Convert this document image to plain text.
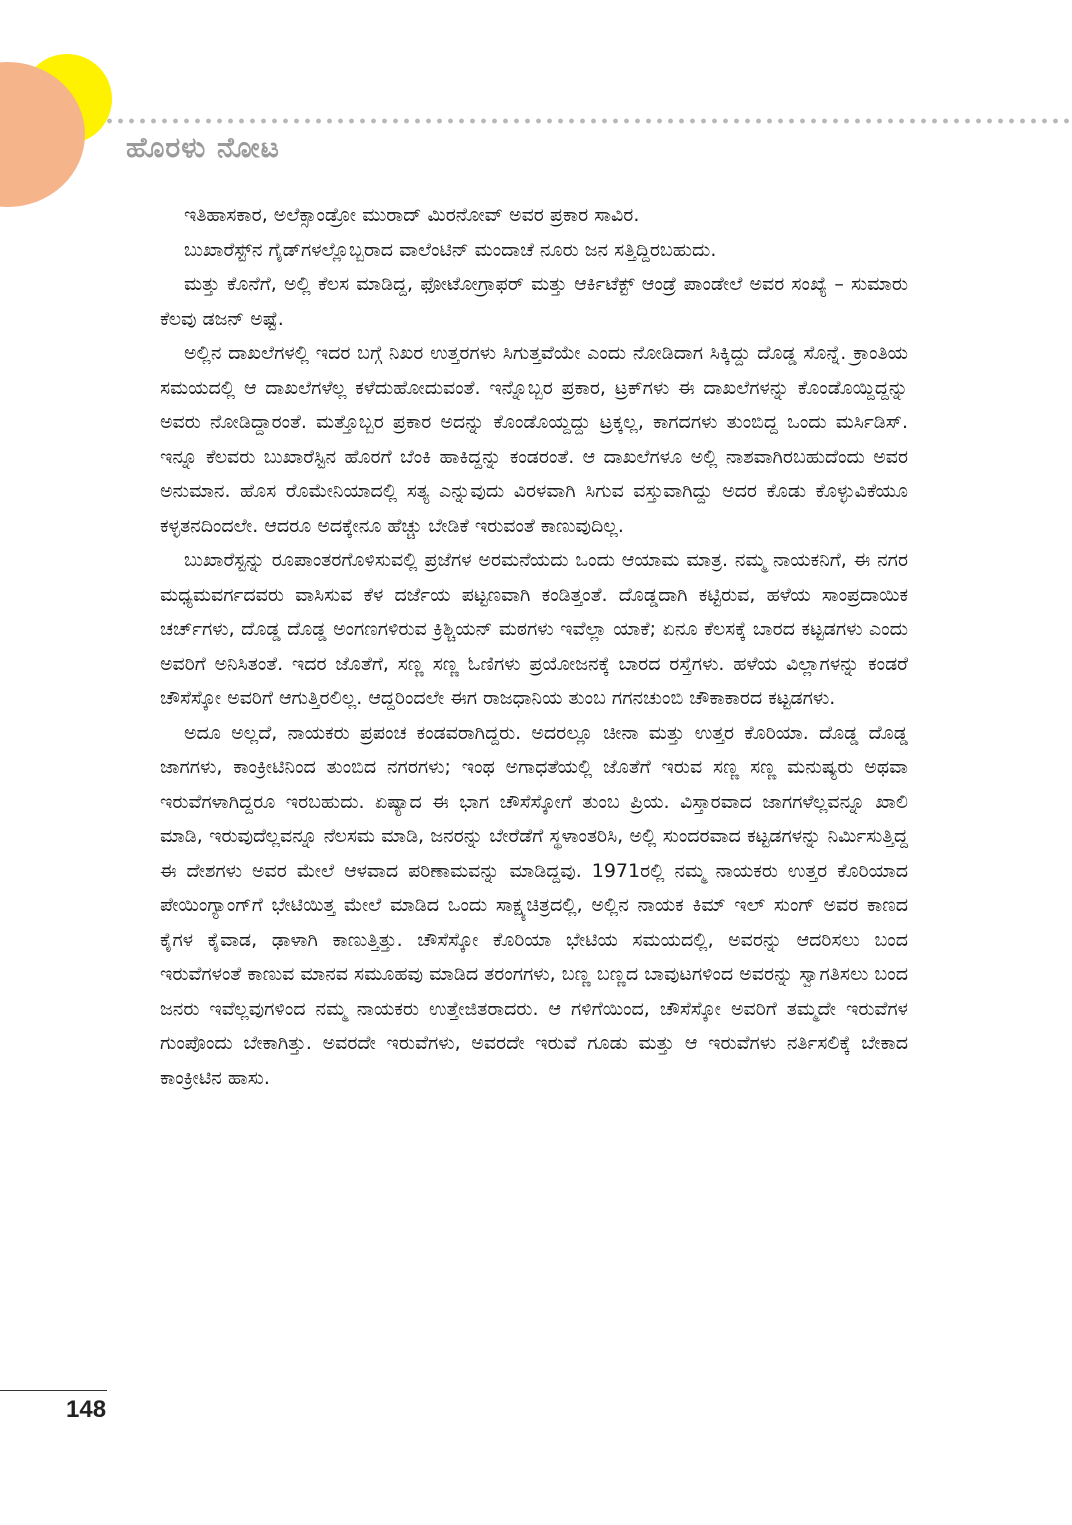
ಹೊರಳು ನೋಟ

ಇತಿಹಾಸಕಾರ, ಅಲೆಕ್ಸಾಂಡ್ರೋ ಮುರಾದ್ ಮಿರನೋವ್ ಅವರ ಪ್ರಕಾರ ಸಾವಿರ.

ಬುಖಾರೆಸ್ಟ್‌ನ ಗೈಡ್‌ಗಳಲ್ಲೊಬ್ಬರಾದ ವಾಲೆಂಟಿನ್ ಮಂದಾಚೆ ನೂರು ಜನ ಸತ್ತಿದ್ದಿರಬಹುದು.

ಮತ್ತು ಕೊನೆಗೆ, ಅಲ್ಲಿ ಕೆಲಸ ಮಾಡಿದ್ದ, ಫೋಟೋಗ್ರಾಫರ್ ಮತ್ತು ಆರ್ಕಿಟೆಕ್ಟ್ ಆಂಡ್ರೆ ಪಾಂಡೇಲೆ ಅವರ ಸಂಖ್ಯೆ – ಸುಮಾರು ಕೆಲವು ಡಜನ್ ಅಷ್ಟೆ.

ಅಲ್ಲಿನ ದಾಖಲೆಗಳಲ್ಲಿ ಇದರ ಬಗ್ಗೆ ನಿಖರ ಉತ್ತರಗಳು ಸಿಗುತ್ತವೆಯೇ ಎಂದು ನೋಡಿದಾಗ ಸಿಕ್ಕಿದ್ದು ದೊಡ್ಡ ಸೊನ್ನೆ. ಕ್ರಾಂತಿಯ ಸಮಯದಲ್ಲಿ ಆ ದಾಖಲೆಗಳೆಲ್ಲ ಕಳೆದುಹೋದುವಂತೆ. ಇನ್ನೊಬ್ಬರ ಪ್ರಕಾರ, ಟ್ರಕ್‌ಗಳು ಈ ದಾಖಲೆಗಳನ್ನು ಕೊಂಡೊಯ್ದಿದ್ದನ್ನು ಅವರು ನೋಡಿದ್ದಾರಂತೆ. ಮತ್ತೊಬ್ಬರ ಪ್ರಕಾರ ಅದನ್ನು ಕೊಂಡೊಯ್ದದ್ದು ಟ್ರಕ್ಕಲ್ಲ, ಕಾಗದಗಳು ತುಂಬಿದ್ದ ಒಂದು ಮರ್ಸಿಡಿಸ್. ಇನ್ನೂ ಕೆಲವರು ಬುಖಾರೆಸ್ಟಿನ ಹೊರಗೆ ಬೆಂಕಿ ಹಾಕಿದ್ದನ್ನು ಕಂಡರಂತೆ. ಆ ದಾಖಲೆಗಳೂ ಅಲ್ಲಿ ನಾಶವಾಗಿರಬಹುದೆಂದು ಅವರ ಅನುಮಾನ. ಹೊಸ ರೊಮೇನಿಯಾದಲ್ಲಿ ಸತ್ಯ ಎನ್ನುವುದು ವಿರಳವಾಗಿ ಸಿಗುವ ವಸ್ತುವಾಗಿದ್ದು ಅದರ ಕೊಡು ಕೊಳ್ಳುವಿಕೆಯೂ ಕಳ್ಳತನದಿಂದಲೇ. ಆದರೂ ಅದಕ್ಕೇನೂ ಹೆಚ್ಚು ಬೇಡಿಕೆ ಇರುವಂತೆ ಕಾಣುವುದಿಲ್ಲ.

ಬುಖಾರೆಸ್ಟನ್ನು ರೂಪಾಂತರಗೊಳಿಸುವಲ್ಲಿ ಪ್ರಜೆಗಳ ಅರಮನೆಯದು ಒಂದು ಆಯಾಮ ಮಾತ್ರ. ನಮ್ಮ ನಾಯಕನಿಗೆ, ಈ ನಗರ ಮಧ್ಯಮವರ್ಗದವರು ವಾಸಿಸುವ ಕೆಳ ದರ್ಜೆಯ ಪಟ್ಟಣವಾಗಿ ಕಂಡಿತ್ತಂತೆ. ದೊಡ್ಡದಾಗಿ ಕಟ್ಟಿರುವ, ಹಳೆಯ ಸಾಂಪ್ರದಾಯಿಕ ಚರ್ಚ್‌ಗಳು, ದೊಡ್ಡ ದೊಡ್ಡ ಅಂಗಣಗಳಿರುವ ಕ್ರಿಶ್ಚಿಯನ್ ಮಠಗಳು ಇವೆಲ್ಲಾ ಯಾಕೆ; ಏನೂ ಕೆಲಸಕ್ಕೆ ಬಾರದ ಕಟ್ಟಡಗಳು ಎಂದು ಅವರಿಗೆ ಅನಿಸಿತಂತೆ. ಇದರ ಜೊತೆಗೆ, ಸಣ್ಣ ಸಣ್ಣ ಓಣಿಗಳು ಪ್ರಯೋಜನಕ್ಕೆ ಬಾರದ ರಸ್ತೆಗಳು. ಹಳೆಯ ವಿಲ್ಲಾಗಳನ್ನು ಕಂಡರೆ ಚೌಸೆಸ್ಕೋ ಅವರಿಗೆ ಆಗುತ್ತಿರಲಿಲ್ಲ. ಆದ್ದರಿಂದಲೇ ಈಗ ರಾಜಧಾನಿಯ ತುಂಬ ಗಗನಚುಂಬಿ ಚೌಕಾಕಾರದ ಕಟ್ಟಡಗಳು.

ಅದೂ ಅಲ್ಲದೆ, ನಾಯಕರು ಪ್ರಪಂಚ ಕಂಡವರಾಗಿದ್ದರು. ಅದರಲ್ಲೂ ಚೀನಾ ಮತ್ತು ಉತ್ತರ ಕೊರಿಯಾ. ದೊಡ್ಡ ದೊಡ್ಡ ಜಾಗಗಳು, ಕಾಂಕ್ರೀಟಿನಿಂದ ತುಂಬಿದ ನಗರಗಳು; ಇಂಥ ಅಗಾಧತೆಯಲ್ಲಿ ಜೊತೆಗೆ ಇರುವ ಸಣ್ಣ ಸಣ್ಣ ಮನುಷ್ಯರು ಅಥವಾ ಇರುವೆಗಳಾಗಿದ್ದರೂ ಇರಬಹುದು. ಏಷ್ಯಾದ ಈ ಭಾಗ ಚೌಸೆಸ್ಕೋಗೆ ತುಂಬ ಪ್ರಿಯ. ವಿಸ್ತಾರವಾದ ಜಾಗಗಳೆಲ್ಲವನ್ನೂ ಖಾಲಿ ಮಾಡಿ, ಇರುವುದೆಲ್ಲವನ್ನೂ ನೆಲಸಮ ಮಾಡಿ, ಜನರನ್ನು ಬೇರೆಡೆಗೆ ಸ್ಥಳಾಂತರಿಸಿ, ಅಲ್ಲಿ ಸುಂದರವಾದ ಕಟ್ಟಡಗಳನ್ನು ನಿರ್ಮಿಸುತ್ತಿದ್ದ ಈ ದೇಶಗಳು ಅವರ ಮೇಲೆ ಆಳವಾದ ಪರಿಣಾಮವನ್ನು ಮಾಡಿದ್ದವು. 1971ರಲ್ಲಿ ನಮ್ಮ ನಾಯಕರು ಉತ್ತರ ಕೊರಿಯಾದ ಪೇಯಿಂಗ್ಯಾಂಗ್‌ಗೆ ಭೇಟಿಯಿತ್ತ ಮೇಲೆ ಮಾಡಿದ ಒಂದು ಸಾಕ್ಷ್ಯಚಿತ್ರದಲ್ಲಿ, ಅಲ್ಲಿನ ನಾಯಕ ಕಿಮ್ ಇಲ್ ಸುಂಗ್ ಅವರ ಕಾಣದ ಕೈಗಳ ಕೈವಾಡ, ಢಾಳಾಗಿ ಕಾಣುತ್ತಿತ್ತು. ಚೌಸೆಸ್ಕೋ ಕೊರಿಯಾ ಭೇಟಿಯ ಸಮಯದಲ್ಲಿ, ಅವರನ್ನು ಆದರಿಸಲು ಬಂದ ಇರುವೆಗಳಂತೆ ಕಾಣುವ ಮಾನವ ಸಮೂಹವು ಮಾಡಿದ ತರಂಗಗಳು, ಬಣ್ಣ ಬಣ್ಣದ ಬಾವುಟಗಳಿಂದ ಅವರನ್ನು ಸ್ವಾಗತಿಸಲು ಬಂದ ಜನರು ಇವೆಲ್ಲವುಗಳಿಂದ ನಮ್ಮ ನಾಯಕರು ಉತ್ತೇಜಿತರಾದರು. ಆ ಗಳಿಗೆಯಿಂದ, ಚೌಸೆಸ್ಕೋ ಅವರಿಗೆ ತಮ್ಮದೇ ಇರುವೆಗಳ ಗುಂಪೊಂದು ಬೇಕಾಗಿತ್ತು. ಅವರದೇ ಇರುವೆಗಳು, ಅವರದೇ ಇರುವೆ ಗೂಡು ಮತ್ತು ಆ ಇರುವೆಗಳು ನರ್ತಿಸಲಿಕ್ಕೆ ಬೇಕಾದ ಕಾಂಕ್ರೀಟಿನ ಹಾಸು.

148
